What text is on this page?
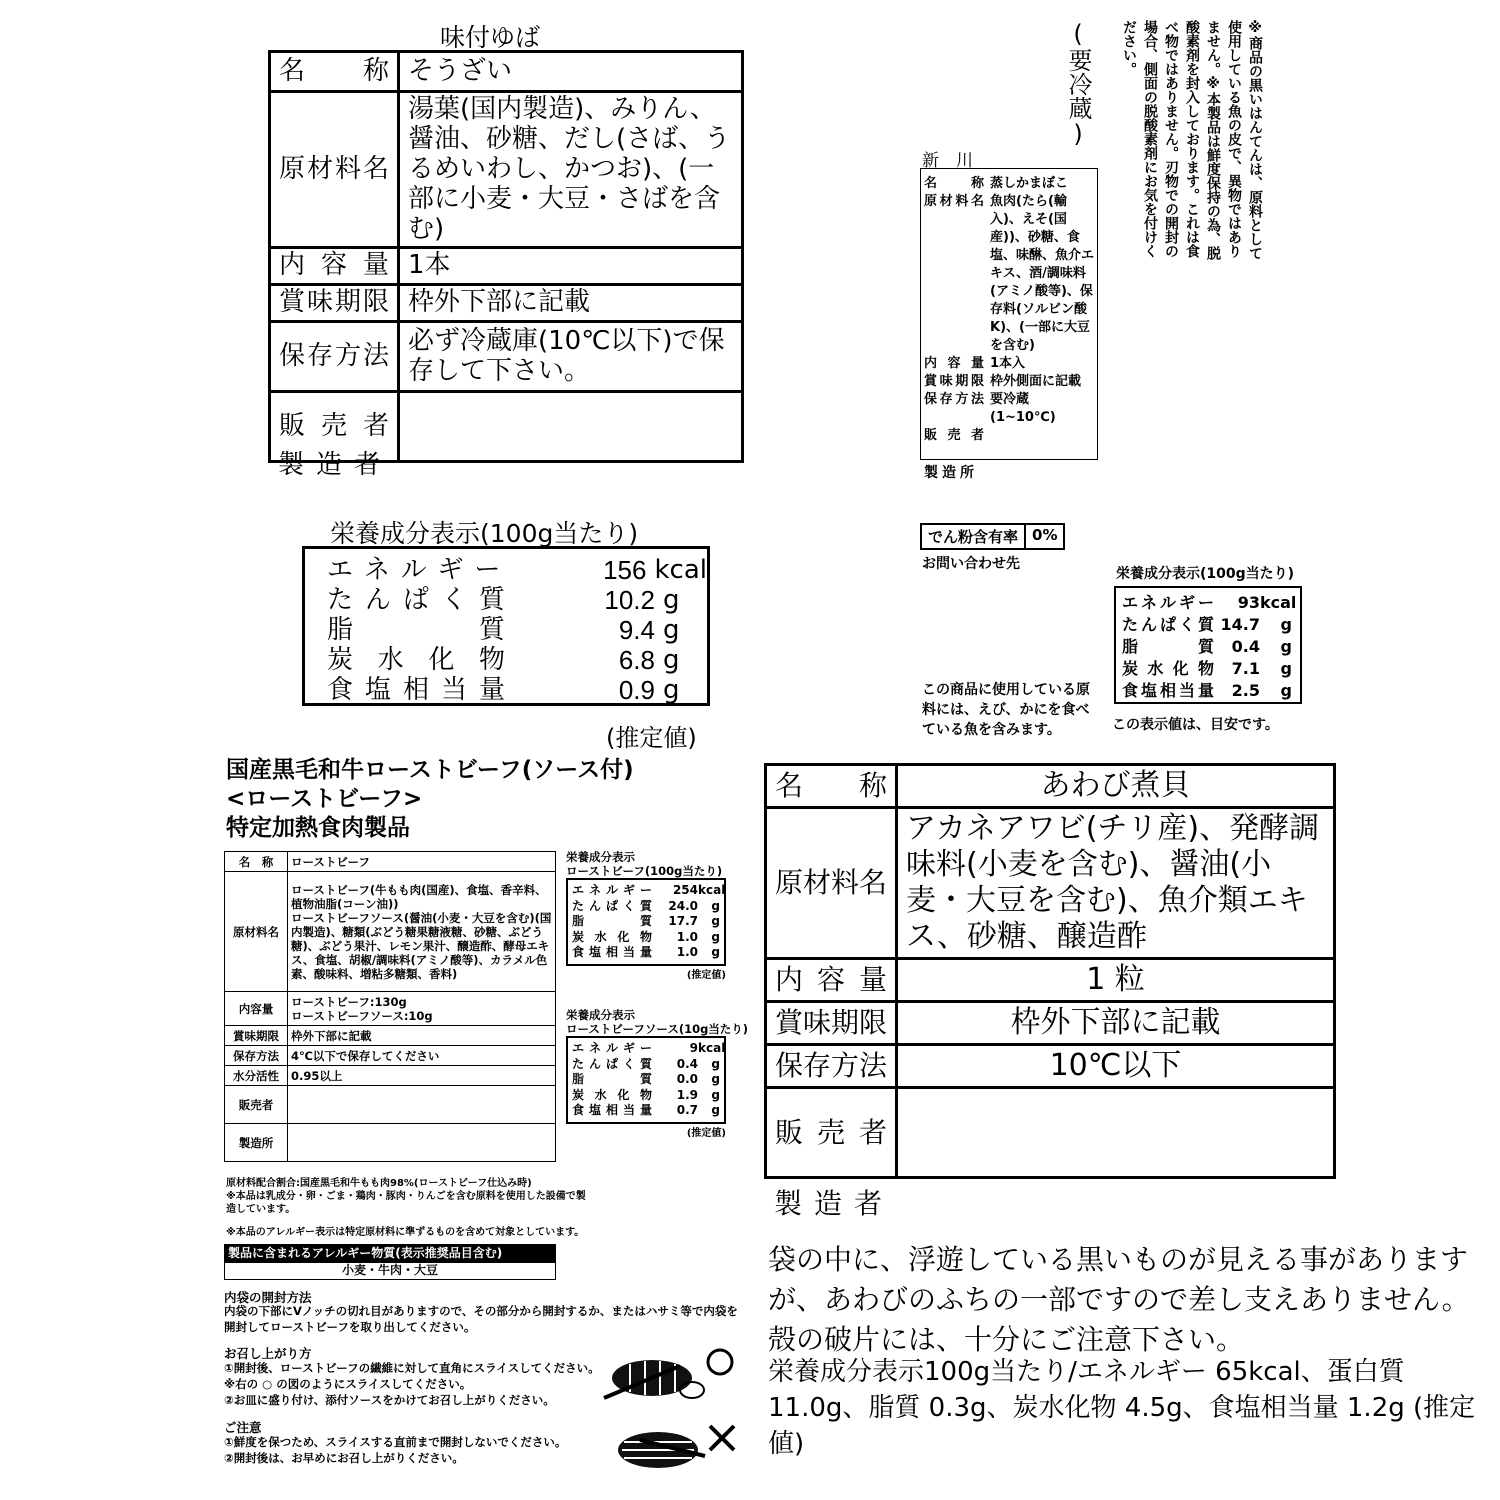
味付ゆば
名　　称	そうざい
原材料名	湯葉(国内製造)、みりん、醤油、砂糖、だし(さば、うるめいわし、かつお)、(一部に小麦・大豆・さばを含む)
内容量	1本
賞味期限	枠外下部に記載
保存方法	必ず冷蔵庫(10℃以下)で保存して下さい。
販売者	
製造者
栄養成分表示(100g当たり)
エネルギー	156 kcal
たんぱく質	10.2 g
脂質	9.4 g
炭水化物	6.8 g
食塩相当量	0.9 g
(推定値)
(要冷蔵)	※商品の黒いはんてんは、原料として使用している魚の皮で、異物ではありません。※本製品は鮮度保持の為、脱酸素剤を封入しております。これは食べ物ではありません。刃物での開封の場合、側面の脱酸素剤にお気を付けください。
新　川
名称 蒸しかまぼこ
原材料名 魚肉(たら(輸入)、えそ(国産))、砂糖、食塩、味醂、魚介エキス、酒/調味料(アミノ酸等)、保存料(ソルビン酸K)、(一部に大豆を含む)
内容量 1本入
賞味期限 枠外側面に記載
保存方法 要冷蔵(1~10℃)
販売者
製造所
でん粉含有率 0%
お問い合わせ先
栄養成分表示(100g当たり)
エネルギー	93 kcal
たんぱく質 14.7	g
脂質	0.4	g
炭水化物	7.1	g
食塩相当量	2.5	g
この商品に使用している原料には、えび、かにを食べている魚を含みます。	この表示値は、目安です。
国産黒毛和牛ローストビーフ(ソース付)
<ローストビーフ>
特定加熱食肉製品
名　称	ローストビーフ
原材料名	ローストビーフ(牛もも肉(国産)、食塩、香辛料、植物油脂(コーン油))
ローストビーフソース(醤油(小麦・大豆を含む)(国内製造)、糖類(ぶどう糖果糖液糖、砂糖、ぶどう糖)、ぶどう果汁、レモン果汁、醸造酢、酵母エキス、食塩、胡椒/調味料(アミノ酸等)、カラメル色素、酸味料、増粘多糖類、香料)
内容量	ローストビーフ:130g
ローストビーフソース:10g
賞味期限	枠外下部に記載
保存方法	4℃以下で保存してください
水分活性	0.95以上
販売者	
製造所	
栄養成分表示
ローストビーフ(100g当たり)
エネルギー	254 kcal
たんぱく質	24.0	g
脂質	17.7	g
炭水化物	1.0	g
食塩相当量	1.0	g
(推定値)
栄養成分表示
ローストビーフソース(10g当たり)
エネルギー	9 kcal
たんぱく質	0.4	g
脂質	0.0	g
炭水化物	1.9	g
食塩相当量	0.7	g
(推定値)
原材料配合割合:国産黒毛和牛もも肉98%(ローストビーフ仕込み時)
※本品は乳成分・卵・ごま・鶏肉・豚肉・りんごを含む原料を使用した設備で製造しています。
※本品のアレルギー表示は特定原材料に準ずるものを含めて対象としています。
製品に含まれるアレルギー物質(表示推奨品目含む)
小麦・牛肉・大豆
内袋の開封方法
内袋の下部にVノッチの切れ目がありますので、その部分から開封するか、またはハサミ等で内袋を開封してローストビーフを取り出してください。
お召し上がり方
①開封後、ローストビーフの繊維に対して直角にスライスしてください。※右の ○ の図のようにスライスしてください。
②お皿に盛り付け、添付ソースをかけてお召し上がりください。
ご注意
①鮮度を保つため、スライスする直前まで開封しないでください。
②開封後は、お早めにお召し上がりください。
名　称	あわび煮貝
原材料名	アカネアワビ(チリ産)、発酵調味料(小麦を含む)、醤油(小麦・大豆を含む)、魚介類エキス、砂糖、醸造酢
内容量	1 粒
賞味期限	枠外下部に記載
保存方法	10℃以下
販売者	
製造者
袋の中に、浮遊している黒いものが見える事がありますが、あわびのふちの一部ですので差し支えありません。殻の破片には、十分にご注意下さい。
栄養成分表示100g当たり/エネルギー 65kcal、蛋白質 11.0g、脂質 0.3g、炭水化物 4.5g、食塩相当量 1.2g (推定値)
